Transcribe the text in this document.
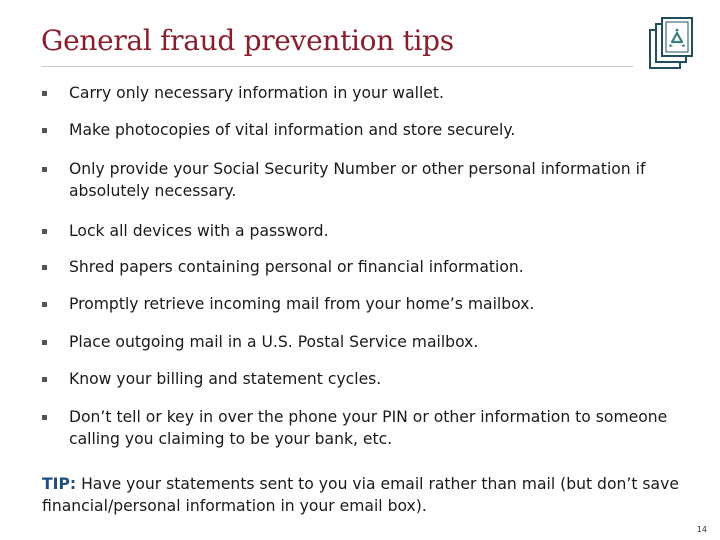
General fraud prevention tips
Carry only necessary information in your wallet.
Make photocopies of vital information and store securely.
Only provide your Social Security Number or other personal information if absolutely necessary.
Lock all devices with a password.
Shred papers containing personal or financial information.
Promptly retrieve incoming mail from your home’s mailbox.
Place outgoing mail in a U.S. Postal Service mailbox.
Know your billing and statement cycles.
Don’t tell or key in over the phone your PIN or other information to someone calling you claiming to be your bank, etc.
TIP: Have your statements sent to you via email rather than mail (but don’t save financial/personal information in your email box).
14
